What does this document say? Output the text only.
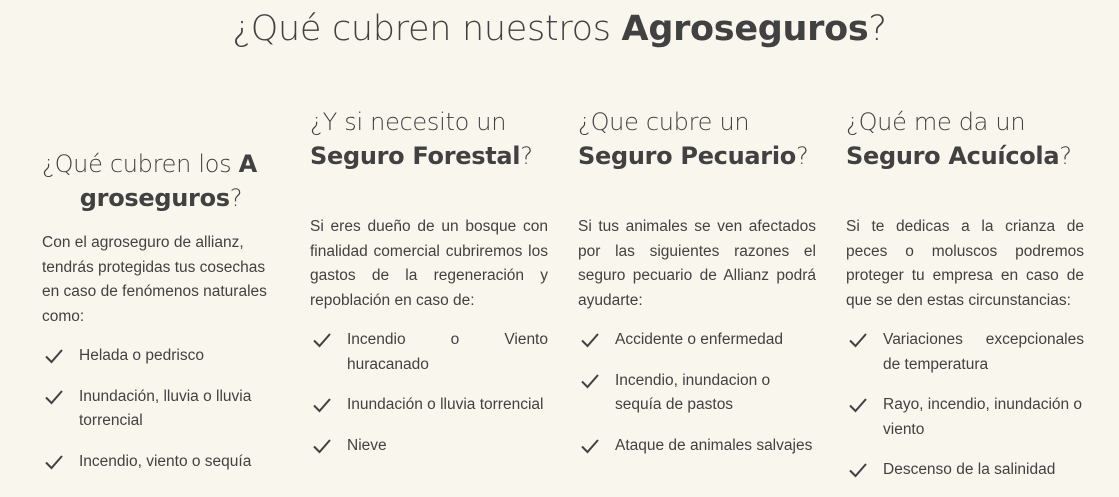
¿Qué cubren nuestros Agroseguros?
¿Qué cubren los A
groseguros?

Con el agroseguro de allianz, tendrás protegidas tus cosechas en caso de fenómenos naturales como:

Helada o pedrisco
Inundación, lluvia o lluvia torrencial
Incendio, viento o sequía
¿Y si necesito un
Seguro Forestal?

Si eres dueño de un bosque con finalidad comercial cubriremos los gastos de la regeneración y repoblación en caso de:

Incendio o Viento huracanado
Inundación o lluvia torrencial
Nieve
¿Que cubre un
Seguro Pecuario?

Si tus animales se ven afectados por las siguientes razones el seguro pecuario de Allianz podrá ayudarte:

Accidente o enfermedad
Incendio, inundacion o sequía de pastos
Ataque de animales salvajes
¿Qué me da un
Seguro Acuícola?

Si te dedicas a la crianza de peces o moluscos podremos proteger tu empresa en caso de que se den estas circunstancias:

Variaciones excepcionales de temperatura
Rayo, incendio, inundación o viento
Descenso de la salinidad
